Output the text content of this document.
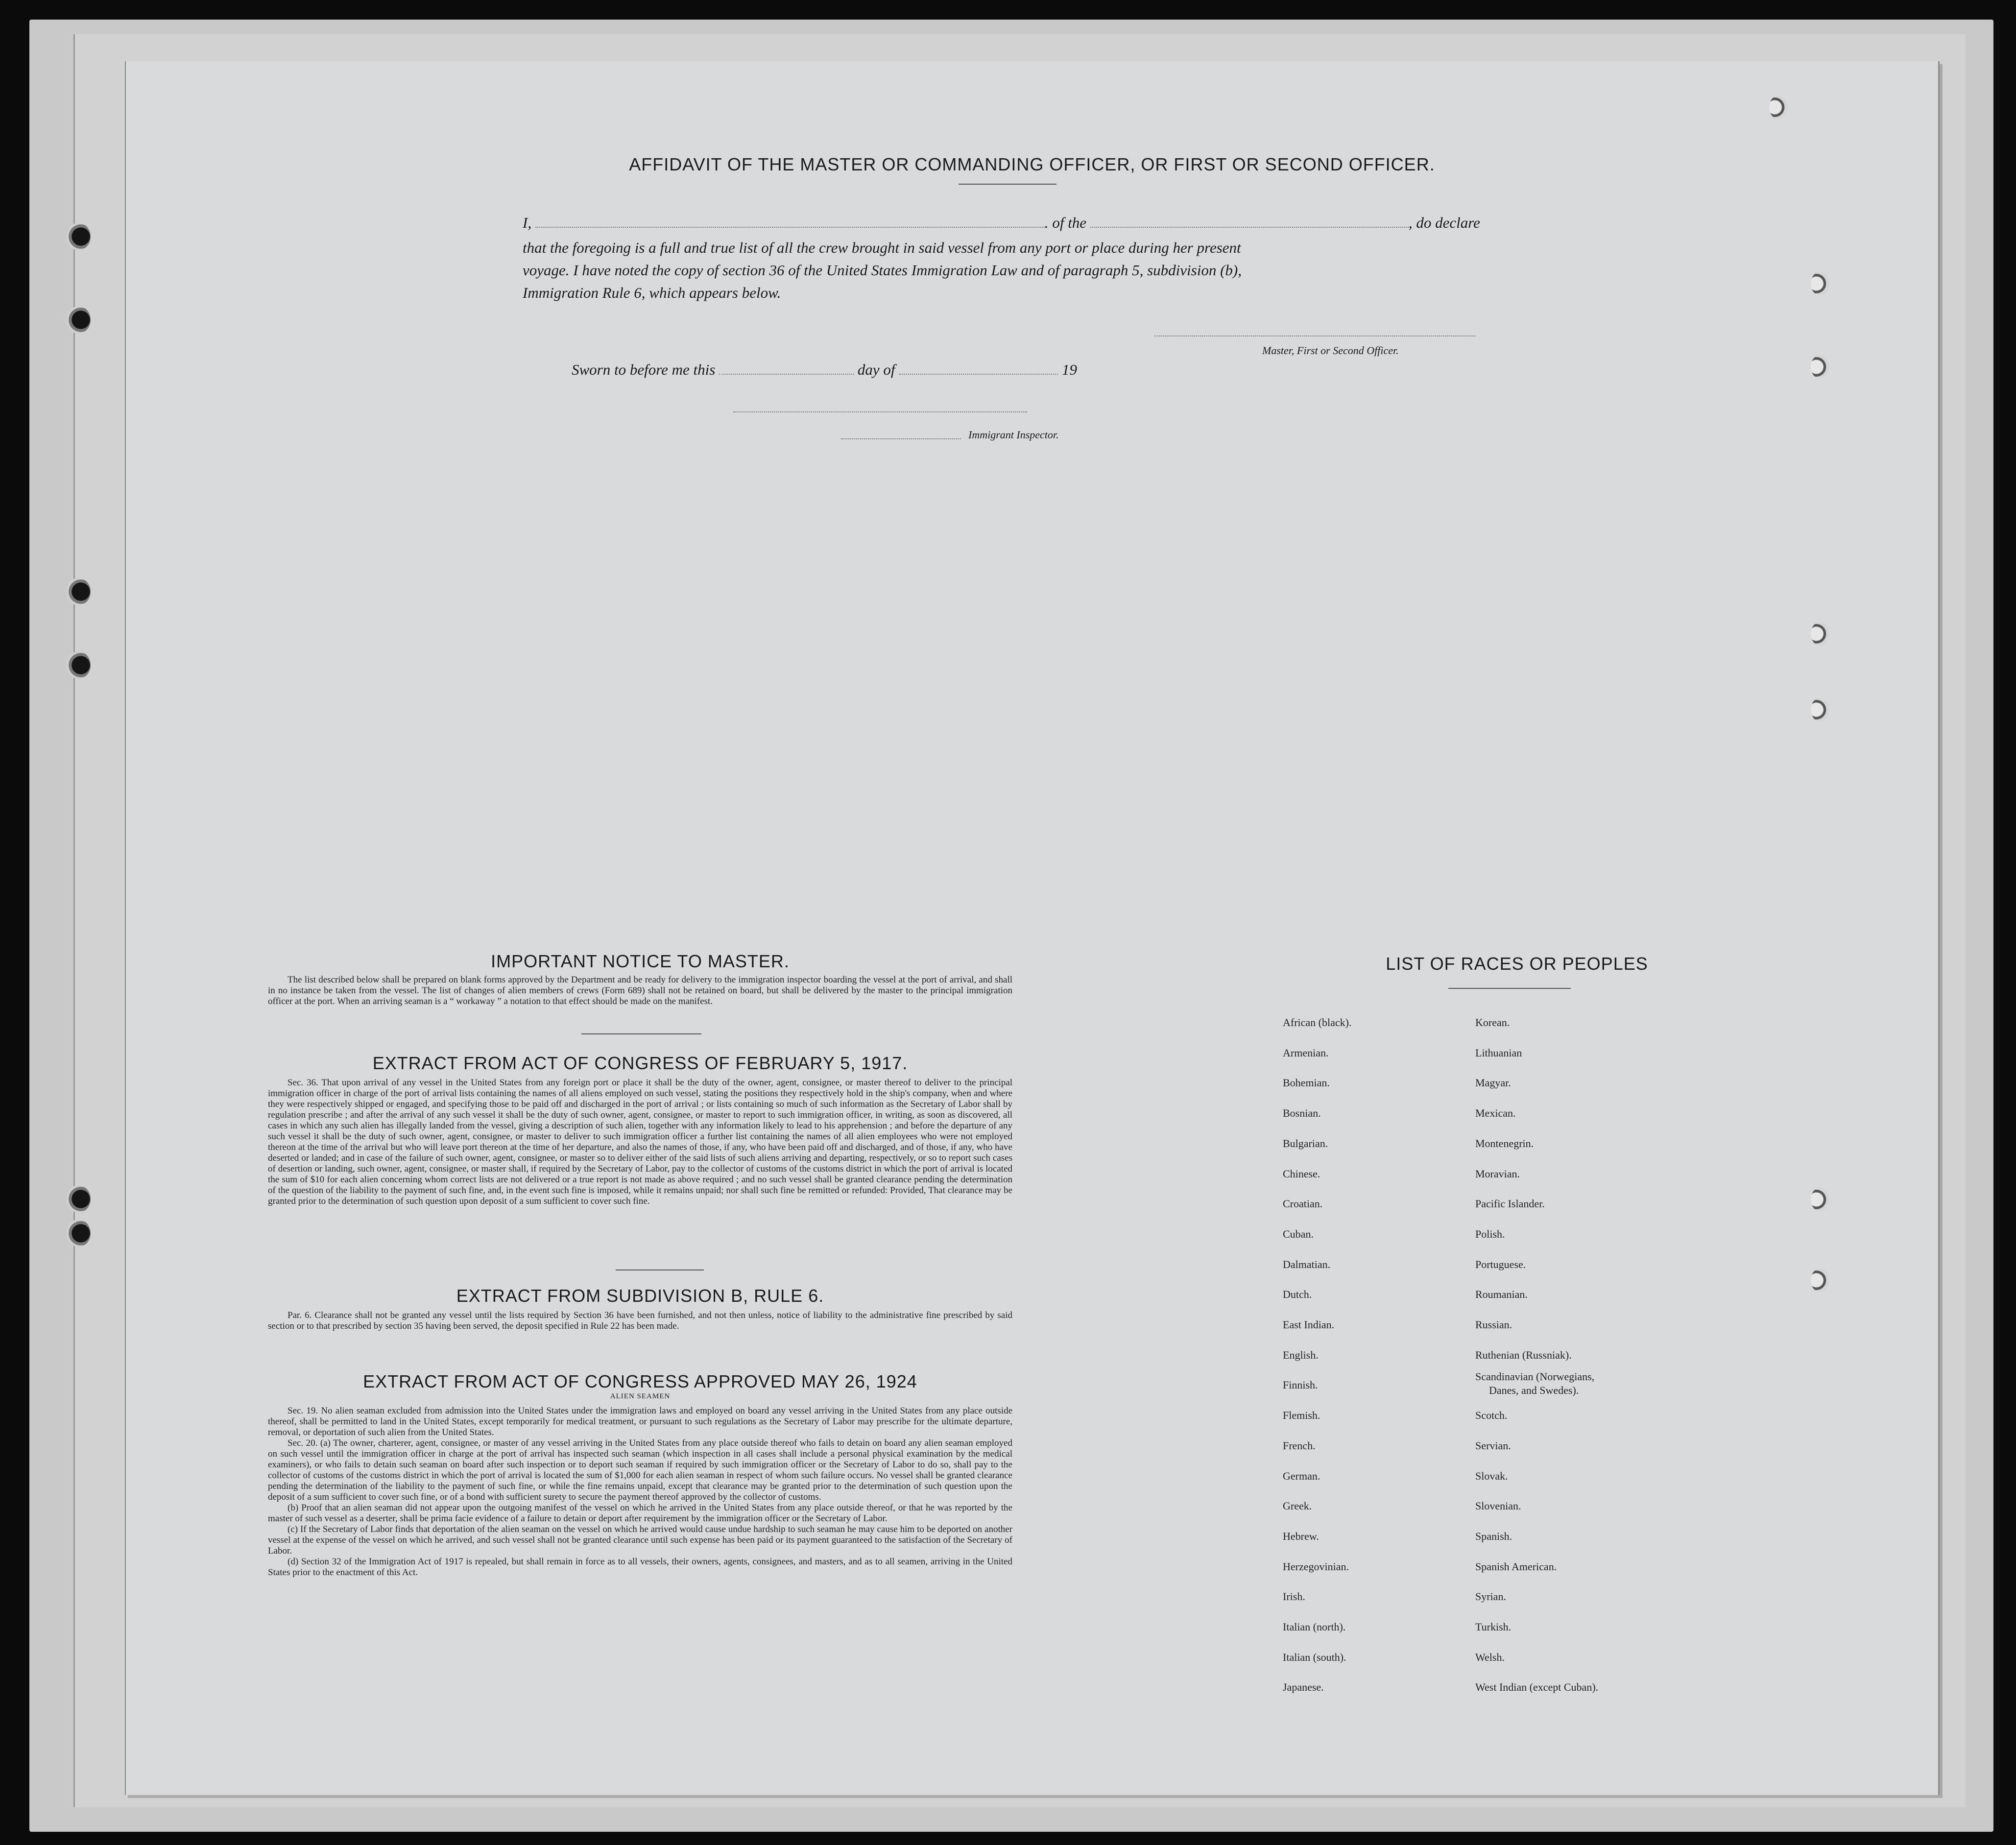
AFFIDAVIT OF THE MASTER OR COMMANDING OFFICER, OR FIRST OR SECOND OFFICER.
I,	. of the	, do declare
that the foregoing is a full and true list of all the crew brought in said vessel from any port or place during her present
voyage. I have noted the copy of section 36 of the United States Immigration Law and of paragraph 5, subdivision (b),
Immigration Rule 6, which appears below.
Master, First or Second Officer.
Sworn to before me this	day of	19
Immigrant Inspector.
IMPORTANT NOTICE TO MASTER.

The list described below shall be prepared on blank forms approved by the Department and be ready for delivery to the immigration inspector boarding the vessel at the port of arrival, and shall in no instance be taken from the vessel. The list of changes of alien members of crews (Form 689) shall not be retained on board, but shall be delivered by the master to the principal immigration officer at the port. When an arriving seaman is a “ workaway ” a notation to that effect should be made on the manifest.

EXTRACT FROM ACT OF CONGRESS OF FEBRUARY 5, 1917.

Sec. 36. That upon arrival of any vessel in the United States from any foreign port or place it shall be the duty of the owner, agent, consignee, or master thereof to deliver to the principal immigration officer in charge of the port of arrival lists containing the names of all aliens employed on such vessel, stating the positions they respectively hold in the ship's company, when and where they were respectively shipped or engaged, and specifying those to be paid off and discharged in the port of arrival ; or lists containing so much of such information as the Secretary of Labor shall by regulation prescribe ; and after the arrival of any such vessel it shall be the duty of such owner, agent, consignee, or master to report to such immigration officer, in writing, as soon as discovered, all cases in which any such alien has illegally landed from the vessel, giving a description of such alien, together with any information likely to lead to his apprehension ; and before the departure of any such vessel it shall be the duty of such owner, agent, consignee, or master to deliver to such immigration officer a further list containing the names of all alien employees who were not employed thereon at the time of the arrival but who will leave port thereon at the time of her departure, and also the names of those, if any, who have been paid off and discharged, and of those, if any, who have deserted or landed; and in case of the failure of such owner, agent, consignee, or master so to deliver either of the said lists of such aliens arriving and departing, respectively, or so to report such cases of desertion or landing, such owner, agent, consignee, or master shall, if required by the Secretary of Labor, pay to the collector of customs of the customs district in which the port of arrival is located the sum of $10 for each alien concerning whom correct lists are not delivered or a true report is not made as above required ; and no such vessel shall be granted clearance pending the determination of the question of the liability to the payment of such fine, and, in the event such fine is imposed, while it remains unpaid; nor shall such fine be remitted or refunded: Provided, That clearance may be granted prior to the determination of such question upon deposit of a sum sufficient to cover such fine.

EXTRACT FROM SUBDIVISION B, RULE 6.

Par. 6. Clearance shall not be granted any vessel until the lists required by Section 36 have been furnished, and not then unless, notice of liability to the administrative fine prescribed by said section or to that prescribed by section 35 having been served, the deposit specified in Rule 22 has been made.

EXTRACT FROM ACT OF CONGRESS APPROVED MAY 26, 1924
ALIEN SEAMEN

Sec. 19. No alien seaman excluded from admission into the United States under the immigration laws and employed on board any vessel arriving in the United States from any place outside thereof, shall be permitted to land in the United States, except temporarily for medical treatment, or pursuant to such regulations as the Secretary of Labor may prescribe for the ultimate departure, removal, or deportation of such alien from the United States.

Sec. 20. (a) The owner, charterer, agent, consignee, or master of any vessel arriving in the United States from any place outside thereof who fails to detain on board any alien seaman employed on such vessel until the immigration officer in charge at the port of arrival has inspected such seaman (which inspection in all cases shall include a personal physical examination by the medical examiners), or who fails to detain such seaman on board after such inspection or to deport such seaman if required by such immigration officer or the Secretary of Labor to do so, shall pay to the collector of customs of the customs district in which the port of arrival is located the sum of $1,000 for each alien seaman in respect of whom such failure occurs. No vessel shall be granted clearance pending the determination of the liability to the payment of such fine, or while the fine remains unpaid, except that clearance may be granted prior to the determination of such question upon the deposit of a sum sufficient to cover such fine, or of a bond with sufficient surety to secure the payment thereof approved by the collector of customs.

(b) Proof that an alien seaman did not appear upon the outgoing manifest of the vessel on which he arrived in the United States from any place outside thereof, or that he was reported by the master of such vessel as a deserter, shall be prima facie evidence of a failure to detain or deport after requirement by the immigration officer or the Secretary of Labor.

(c) If the Secretary of Labor finds that deportation of the alien seaman on the vessel on which he arrived would cause undue hardship to such seaman he may cause him to be deported on another vessel at the expense of the vessel on which he arrived, and such vessel shall not be granted clearance until such expense has been paid or its payment guaranteed to the satisfaction of the Secretary of Labor.

(d) Section 32 of the Immigration Act of 1917 is repealed, but shall remain in force as to all vessels, their owners, agents, consignees, and masters, and as to all seamen, arriving in the United States prior to the enactment of this Act.

LIST OF RACES OR PEOPLES
African (black).
Armenian.
Bohemian.
Bosnian.
Bulgarian.
Chinese.
Croatian.
Cuban.
Dalmatian.
Dutch.
East Indian.
English.
Finnish.
Flemish.
French.
German.
Greek.
Hebrew.
Herzegovinian.
Irish.
Italian (north).
Italian (south).
Japanese.
Korean.
Lithuanian
Magyar.
Mexican.
Montenegrin.
Moravian.
Pacific Islander.
Polish.
Portuguese.
Roumanian.
Russian.
Ruthenian (Russniak).
Scandinavian (Norwegians,
Danes, and Swedes).
Scotch.
Servian.
Slovak.
Slovenian.
Spanish.
Spanish American.
Syrian.
Turkish.
Welsh.
West Indian (except Cuban).
